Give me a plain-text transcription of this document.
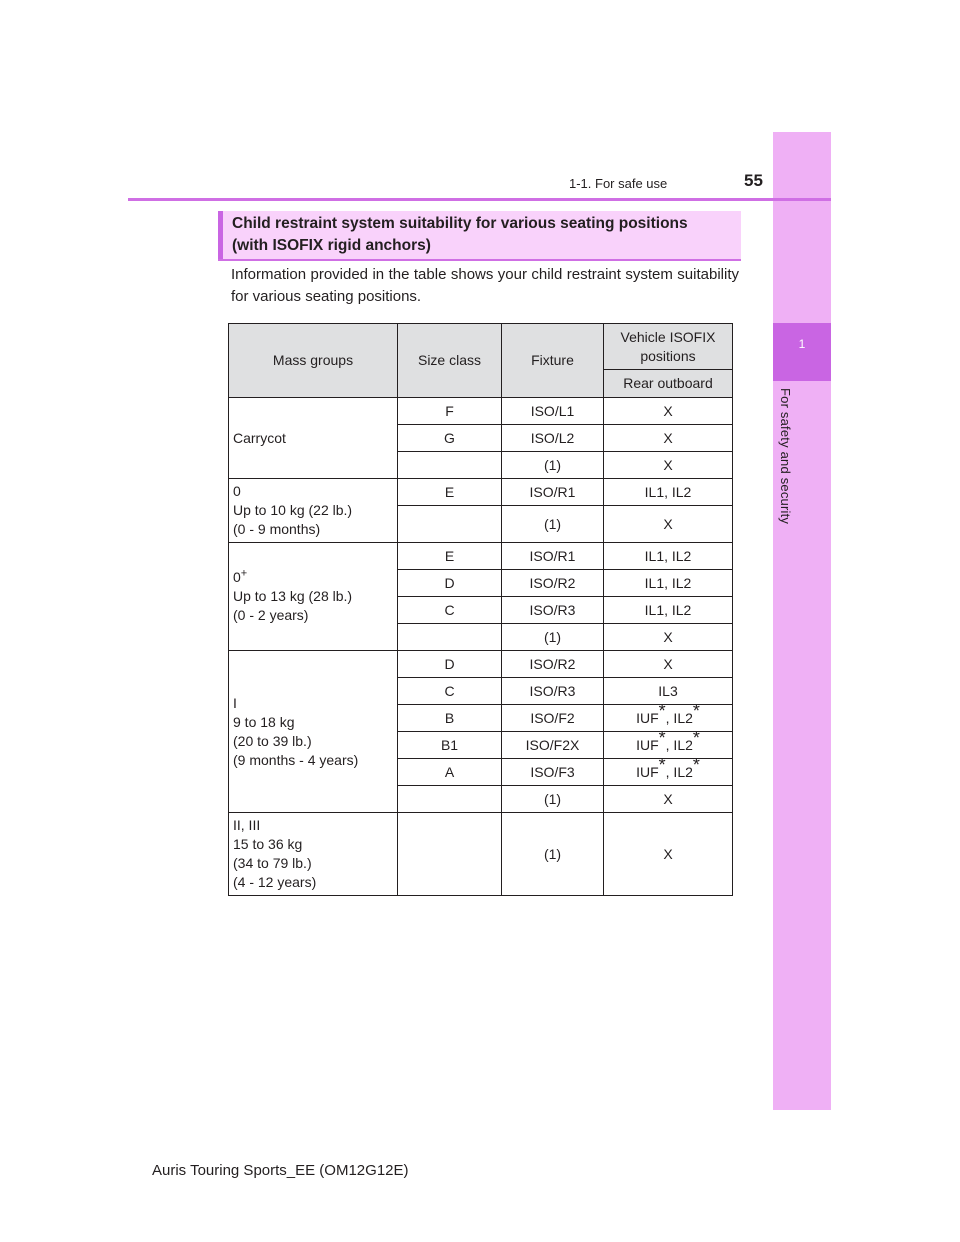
1
For safety and security
1-1. For safe use	55
Child restraint system suitability for various seating positions
(with ISOFIX rigid anchors)
Information provided in the table shows your child restraint system suitability for various seating positions.
Mass groups	Size class	Fixture	Vehicle ISOFIX positions
			Rear outboard

Carrycot	F	ISO/L1	X
	G	ISO/L2	X
		(1)	X

0
Up to 10 kg (22 lb.)
(0 - 9 months)	E	ISO/R1	IL1, IL2
		(1)	X

0+
Up to 13 kg (28 lb.)
(0 - 2 years)	E	ISO/R1	IL1, IL2
	D	ISO/R2	IL1, IL2
	C	ISO/R3	IL1, IL2
		(1)	X

I
9 to 18 kg
(20 to 39 lb.)
(9 months - 4 years)	D	ISO/R2	X
	C	ISO/R3	IL3
	B	ISO/F2	IUF*, IL2*
	B1	ISO/F2X	IUF*, IL2*
	A	ISO/F3	IUF*, IL2*
		(1)	X

II, III
15 to 36 kg
(34 to 79 lb.)
(4 - 12 years)		(1)	X
Auris Touring Sports_EE (OM12G12E)
